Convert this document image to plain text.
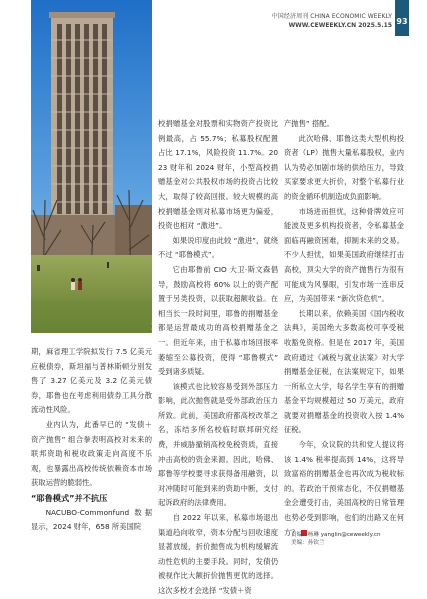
中国经济周刊 CHINA ECONOMIC WEEKLY
WWW.CEWEEKLY.CN 2025.5.15 93
视觉中国

期，麻省理工学院拟发行 7.5 亿美元应税债券，斯坦福与普林斯顿分别发售了 3.27 亿美元及 3.2 亿美元债券，耶鲁也在考虑利用债券工具分散流动性风险。

业内认为，此番早已的 “发债＋资产抛售” 组合拳表明高校对未来的联邦资助和税收政策走向高度不乐观，也暴露出高校传统依赖资本市场获取运营的脆弱性。

“耶鲁模式”并不抗压

NACUBO-Commonfund 数据显示，2024 财年，658 所美国院

校捐赠基金对股票和实物资产投资比例最高，占 55.7%；私募股权配置占比 17.1%，风险投资 11.7%。2023 财年和 2024 财年，小型高校捐赠基金对公共股权市场的投资占比较大，取得了较高回报。较大规模的高校捐赠基金则对私募市场更为偏爱，投资也相对 “激进”。

如果说印度由此较 “激进”，就绕不过 “耶鲁模式”。

它由耶鲁前 CIO 大卫·斯文森倡导，鼓励高校将 60% 以上的资产配置于另类投资，以获取超额收益。在相当长一段时间里，耶鲁的捐赠基金都是运营最成功的高校捐赠基金之一。但近年来，由于私募市场回报率萎缩至公募投资，使得 “耶鲁模式” 受到诸多质疑。

该模式也比较容易受到外部压力影响，此次抛售就是受外部政治压力所致。此前，美国政府都高校改革之名，冻结多所名校临时联邦研究经费，并威胁撤销高校免税资质，直接冲击高校的资金来源。因此，哈佛、耶鲁等学校要寻求获得备用融资，以对冲随时可能到来的资助中断，支付起诉政府的法律费用。

自 2022 年以来，私募市场退出渠道趋向收窄，资本分配与回收速度显著放缓，折价抛售成为机构缓解流动性危机的主要手段。同时，发债仍被视作比大额折价抛售更优的选择。这次多校才会选择 “发债＋资

产抛售” 搭配。

此次哈佛、耶鲁这类大型机构投资者（LP）抛售大量私募股权，业内认为势必加剧市场的供给压力，导致买家要求更大折价，对整个私募行业的资金循环机制造成负面影响。

市场进而担忧，这种骨牌效应可能波及更多机构投资者，令私募基金面临再融资困难，抑制未来的交易。不少人担忧，如果美国政府继续打击高校，顶尖大学的资产抛售行为很有可能成为风暴眼，引发市场一连串反应，为美国带来 “新次贷危机”。

长期以来，依赖美国《国内税收法典》，美国绝大多数高校可享受税收豁免资格。但是在 2017 年，美国政府通过《减税与就业法案》对大学捐赠基金征税，在法案规定下，如果一所私立大学，每名学生享有的捐赠基金平均规模超过 50 万美元，政府就要对捐赠基金的投资收入按 1.4% 征税。

今年，众议院的共和党人提议将该 1.4% 税率提高到 14%，这将导致富裕的捐赠基金也再次成为税收标的。若政治干预常态化，不仅捐赠基金会遭受打击，美国高校的日常管理也势必受到影响，也们的出路又在何方？

责编：杨琳 yanglin@ceweekly.cn
美编：孙钦兰
